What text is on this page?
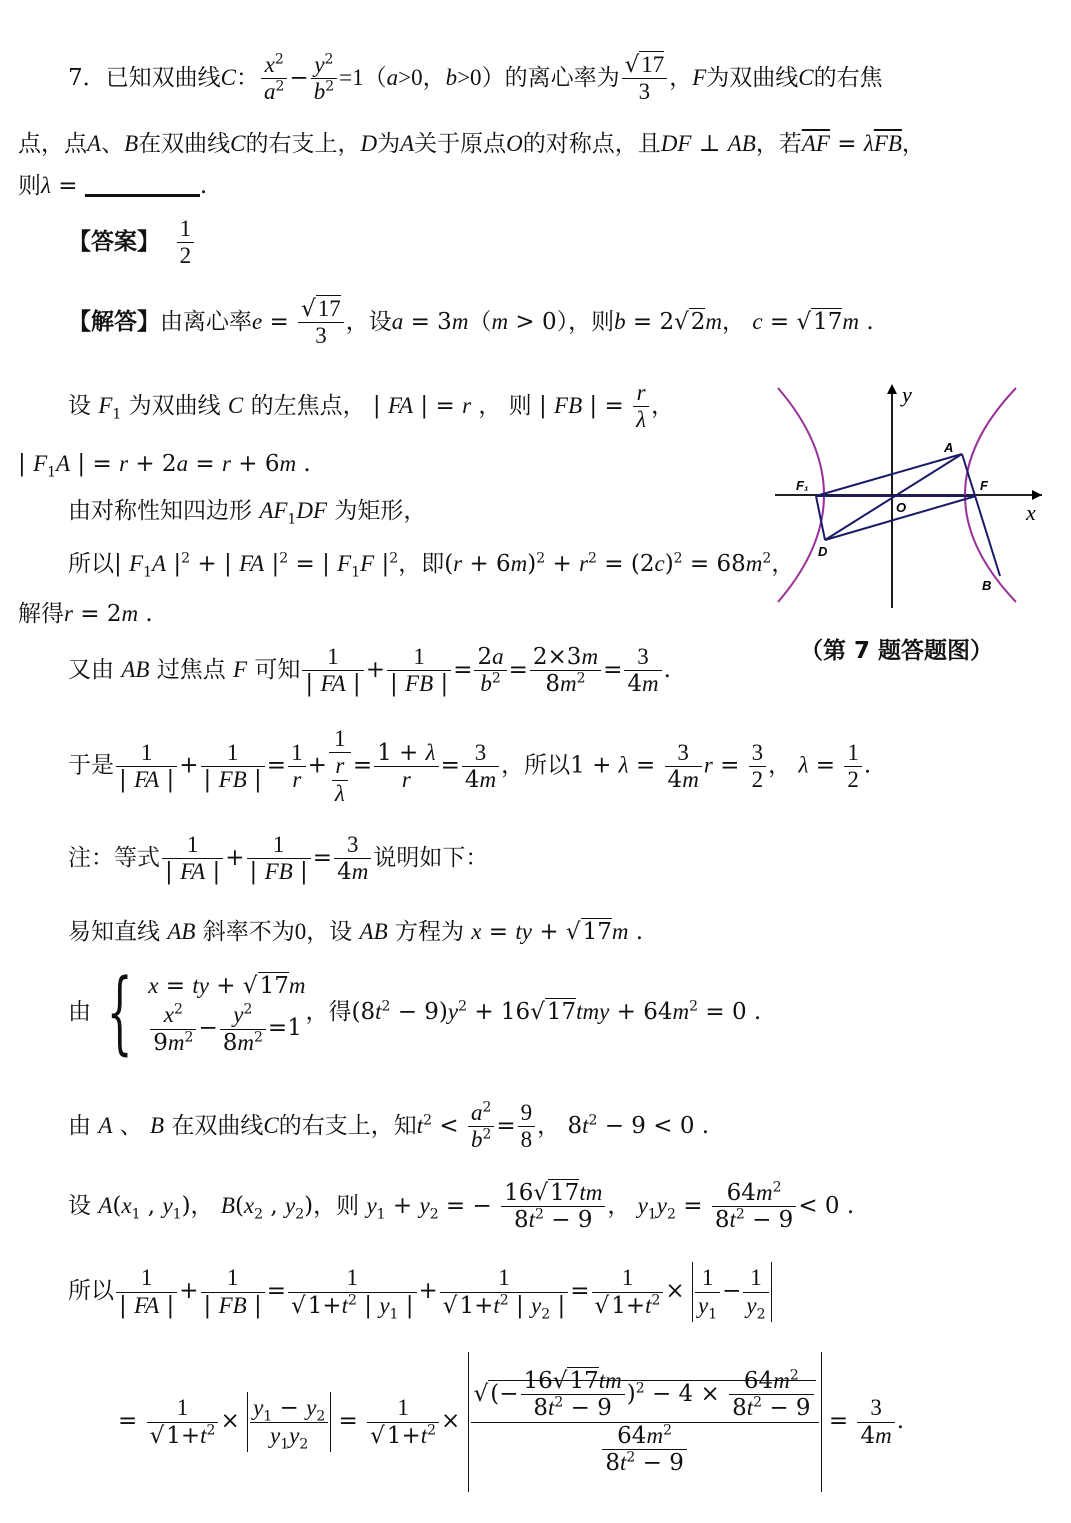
7．已知双曲线C： $\frac{x^2}{a^2} - \frac{y^2}{b^2} =1(a>0$，b>0）的离心率为 $\frac{√17}{3}$ ，F为双曲线C的右焦
点，点A、B在双曲线C的右支上，D为A关于原点O的对称点，且DF ⊥ AB，若$\overline{AF} = \lambda\overline{FB}$，
则λ =	.
【答案】 $\frac{1}{2}$
【解答】由离心率$e = \frac{√17}{3}$ ，设a = 3m（m > 0），则b = 2√2m， c = √17m .
设 $F_1$ 为双曲线 C 的左焦点， | FA | = r ， 则 | FB | = $\frac{r}{\lambda}$ ，
| $F_1A$ | = r + 2a = r + 6m .
由对称性知四边形 $AF_1DF$ 为矩形，
所以| $F_1A$ $|^2$ + | FA $|^2$ = | $F_1F$ $|^2$，即$(r + 6m)^2 + r^2 = (2c)^2 = 68m^2$，
解得r = 2m .
又由 AB 过焦点 F 可知 $\frac{1}{| FA |} + \frac{1}{| FB |} = \frac{2a}{b^2} = \frac{2\times 3m}{8m^2} = \frac{3}{4m}$ .
于是 $\frac{1}{| FA |} + \frac{1}{| FB |} = \frac{1}{r} + \frac{1}{\frac{r}{\lambda}} = \frac{1 + \lambda}{r} = \frac{3}{4m}$ ，所以$1 + \lambda = \frac{3}{4m}$ $r = \frac{3}{2}$ ， $\lambda = \frac{1}{2}$ .
注：等式 $\frac{1}{| FA |} + \frac{1}{| FB |} = \frac{3}{4m}$ 说明如下：
易知直线 AB 斜率不为0，设 AB 方程为 x = ty + √17m .
由 { x = ty + √17m
$\frac{x^2}{9m^2} - \frac{y^2}{8m^2} =1$
，得$(8t^2 - 9)y^2 + 16√17tmy + 64m^2 = 0$ .
由 A 、 B 在双曲线C的右支上，知$t^2 < \frac{a^2}{b^2} = \frac{9}{8}$ ， $8t^2 - 9 < 0$ .
设 $A(x_1$ , $y_1$)， $B(x_2$ , $y_2$)，则 $y_1 + y_2$ = − $\frac{16√17tm}{8t^2 - 9}$ ， $y_1y_2 = \frac{64m^2}{8t^2 - 9} < 0$ .
所以 $\frac{1}{| FA |} + \frac{1}{| FB |} = \frac{1}{√1+t^2 | y_1 |} + \frac{1}{√1+t^2 | y_2 |} = \frac{1}{√1+t^2} \times \frac{1}{y_1} - \frac{1}{y_2}$
= $\frac{1}{√1+t^2} \times \frac{y_1 - y_2}{y_1y_2} = \frac{1}{√1+t^2} \times \frac{√(- \frac{16√17tm}{8t^2 - 9} )^2 - 4 \times \frac{64m^2}{8t^2 - 9}}{\frac{64m^2}{8t^2 - 9}} = \frac{3}{4m}$ .
y
x
A
F₁	F
O
D
B
（第 7 题答题图）
